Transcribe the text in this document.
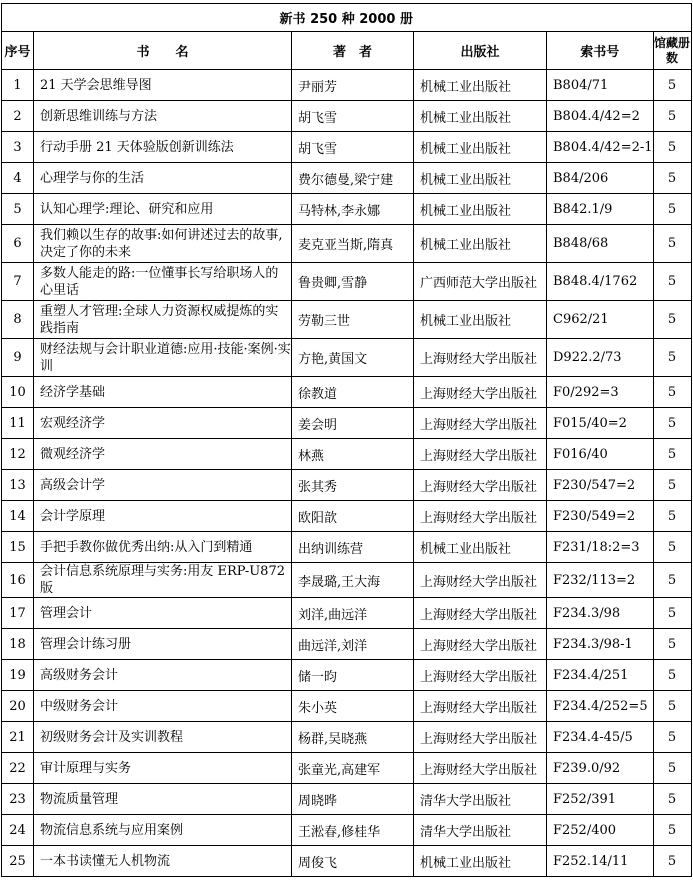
新书 250 种 2000 册					
序号	书　　名	著　者	出版社	索书号	馆藏册数
1	21 天学会思维导图	尹丽芳	机械工业出版社	B804/71	5
2	创新思维训练与方法	胡飞雪	机械工业出版社	B804.4/42=2	5
3	行动手册 21 天体验版创新训练法	胡飞雪	机械工业出版社	B804.4/42=2-1	5
4	心理学与你的生活	费尔德曼,梁宁建	机械工业出版社	B84/206	5
5	认知心理学:理论、研究和应用	马特林,李永娜	机械工业出版社	B842.1/9	5
6	我们赖以生存的故事:如何讲述过去的故事,决定了你的未来	麦克亚当斯,隋真	机械工业出版社	B848/68	5
7	多数人能走的路:一位懂事长写给职场人的心里话	鲁贵卿,雪静	广西师范大学出版社	B848.4/1762	5
8	重塑人才管理:全球人力资源权威提炼的实践指南	劳勒三世	机械工业出版社	C962/21	5
9	财经法规与会计职业道德:应用·技能·案例·实训	方艳,黄国文	上海财经大学出版社	D922.2/73	5
10	经济学基础	徐教道	上海财经大学出版社	F0/292=3	5
11	宏观经济学	姜会明	上海财经大学出版社	F015/40=2	5
12	微观经济学	林燕	上海财经大学出版社	F016/40	5
13	高级会计学	张其秀	上海财经大学出版社	F230/547=2	5
14	会计学原理	欧阳歆	上海财经大学出版社	F230/549=2	5
15	手把手教你做优秀出纳:从入门到精通	出纳训练营	机械工业出版社	F231/18:2=3	5
16	会计信息系统原理与实务:用友 ERP-U872 版	李晟璐,王大海	上海财经大学出版社	F232/113=2	5
17	管理会计	刘洋,曲远洋	上海财经大学出版社	F234.3/98	5
18	管理会计练习册	曲远洋,刘洋	上海财经大学出版社	F234.3/98-1	5
19	高级财务会计	储一昀	上海财经大学出版社	F234.4/251	5
20	中级财务会计	朱小英	上海财经大学出版社	F234.4/252=5	5
21	初级财务会计及实训教程	杨群,吴晓燕	上海财经大学出版社	F234.4-45/5	5
22	审计原理与实务	张童光,高建军	上海财经大学出版社	F239.0/92	5
23	物流质量管理	周晓晔	清华大学出版社	F252/391	5
24	物流信息系统与应用案例	王淞春,修桂华	清华大学出版社	F252/400	5
25	一本书读懂无人机物流	周俊飞	机械工业出版社	F252.14/11	5
